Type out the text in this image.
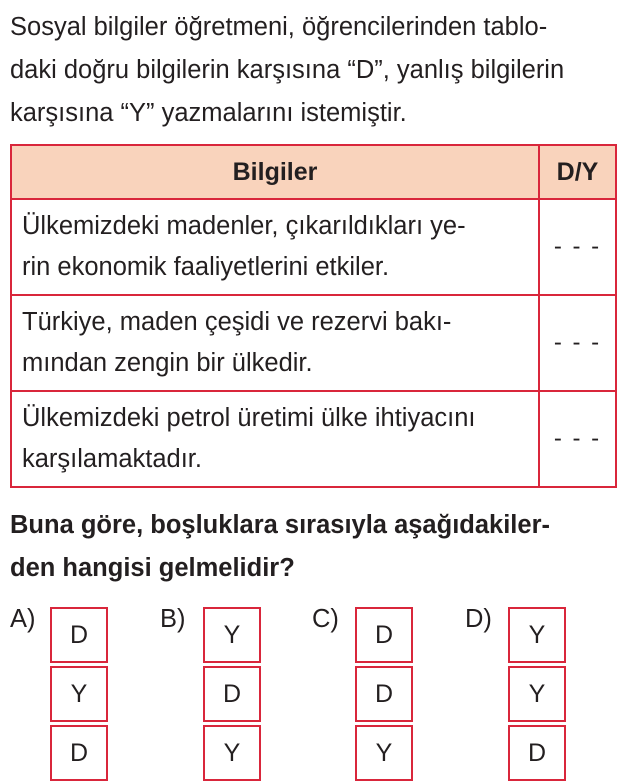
Sosyal bilgiler öğretmeni, öğrencilerinden tablo-
daki doğru bilgilerin karşısına “D”, yanlış bilgilerin
karşısına “Y” yazmalarını istemiştir.
Bilgiler	D/Y

Ülkemizdeki madenler, çıkarıldıkları ye-
rin ekonomik faaliyetlerini etkiler.	- - -

Türkiye, maden çeşidi ve rezervi bakı-
mından zengin bir ülkedir.	- - -

Ülkemizdeki petrol üretimi ülke ihtiyacını
karşılamaktadır.	- - -
Buna göre, boşluklara sırasıyla aşağıdakiler-
den hangisi gelmelidir?
A)
D
Y
D
B)
Y
D
Y
C)
D
D
Y
D)
Y
Y
D
